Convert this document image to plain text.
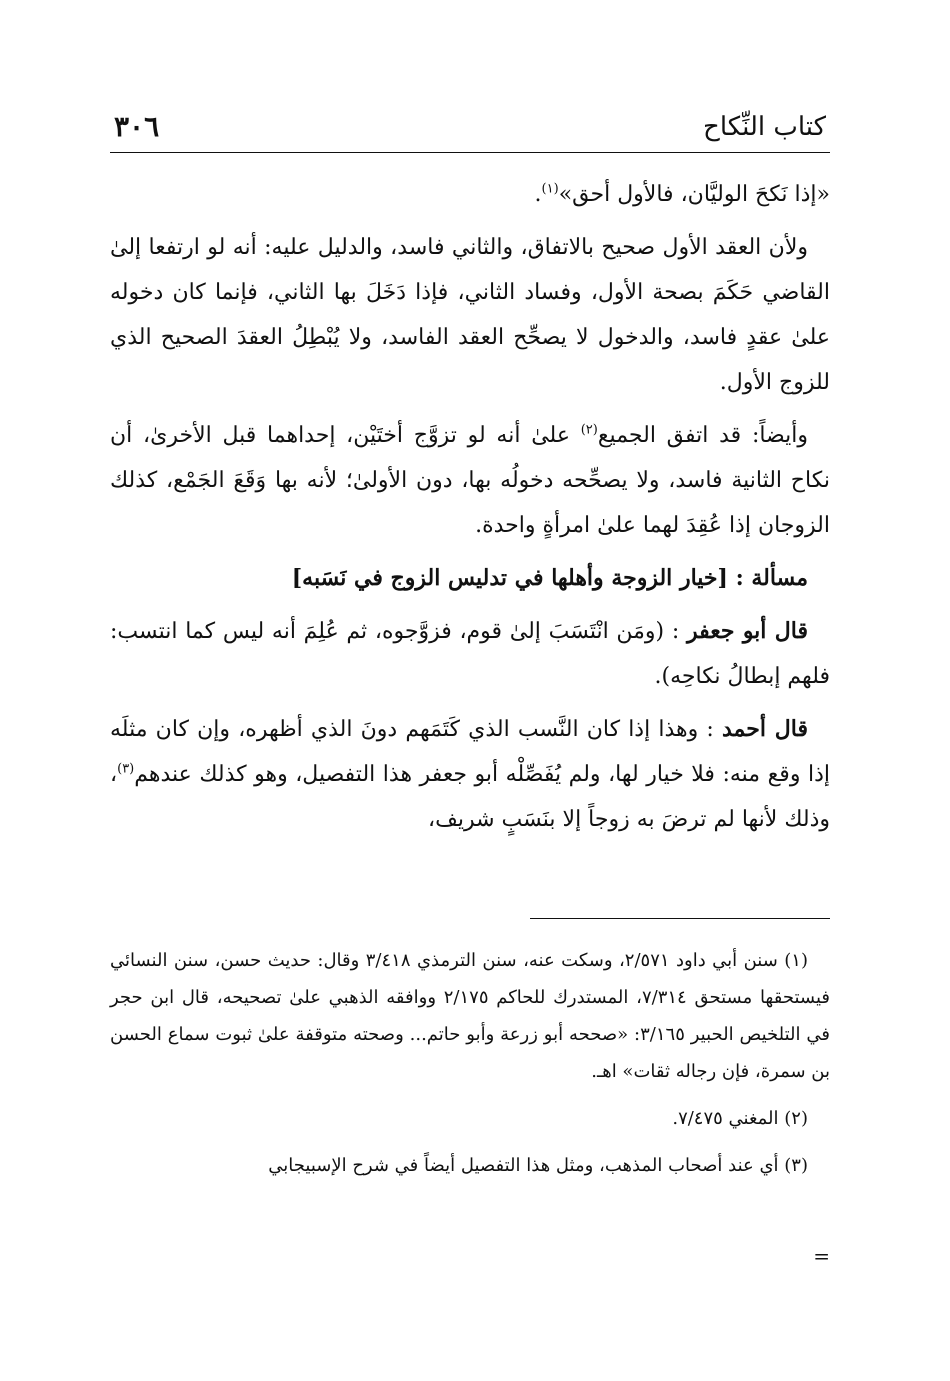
كتاب النِّكاح
٣٠٦

«إذا نَكحَ الوليَّان، فالأول أحق»$^{(١)}$.

ولأن العقد الأول صحيح بالاتفاق، والثاني فاسد، والدليل عليه: أنه لو ارتفعا إلىٰ القاضي حَكَمَ بصحة الأول، وفساد الثاني، فإذا دَخَلَ بها الثاني، فإنما كان دخوله علىٰ عقدٍ فاسد، والدخول لا يصحِّح العقد الفاسد، ولا يُبْطِلُ العقدَ الصحيح الذي للزوج الأول.

وأيضاً: قد اتفق الجميع$^{(٢)}$ علىٰ أنه لو تزوَّج أختَيْن، إحداهما قبل الأخرىٰ، أن نكاح الثانية فاسد، ولا يصحِّحه دخولُه بها، دون الأولىٰ؛ لأنه بها وَقَعَ الجَمْع، كذلك الزوجان إذا عُقِدَ لهما علىٰ امرأةٍ واحدة.

مسألة : [خيار الزوجة وأهلها في تدليس الزوج في نَسَبه]

قال أبو جعفر : (ومَن انْتَسَبَ إلىٰ قوم، فزوَّجوه، ثم عُلِمَ أنه ليس كما انتسب: فلهم إبطالُ نكاحِه).

قال أحمد : وهذا إذا كان النَّسب الذي كَتَمَهم دونَ الذي أظهره، وإن كان مثلَه إذا وقع منه: فلا خيار لها، ولم يُفَصِّلْه أبو جعفر هذا التفصيل، وهو كذلك عندهم$^{(٣)}$، وذلك لأنها لم ترضَ به زوجاً إلا بنَسَبٍ شريف،

(١) سنن أبي داود ٢/٥٧١، وسكت عنه، سنن الترمذي ٣/٤١٨ وقال: حديث حسن، سنن النسائي فيستحقها مستحق ٧/٣١٤، المستدرك للحاكم ٢/١٧٥ ووافقه الذهبي علىٰ تصحيحه، قال ابن حجر في التلخيص الحبير ٣/١٦٥: «صححه أبو زرعة وأبو حاتم... وصحته متوقفة علىٰ ثبوت سماع الحسن بن سمرة، فإن رجاله ثقات» اهـ.

(٢) المغني ٧/٤٧٥.

(٣) أي عند أصحاب المذهب، ومثل هذا التفصيل أيضاً في شرح الإسبيجابي

=
